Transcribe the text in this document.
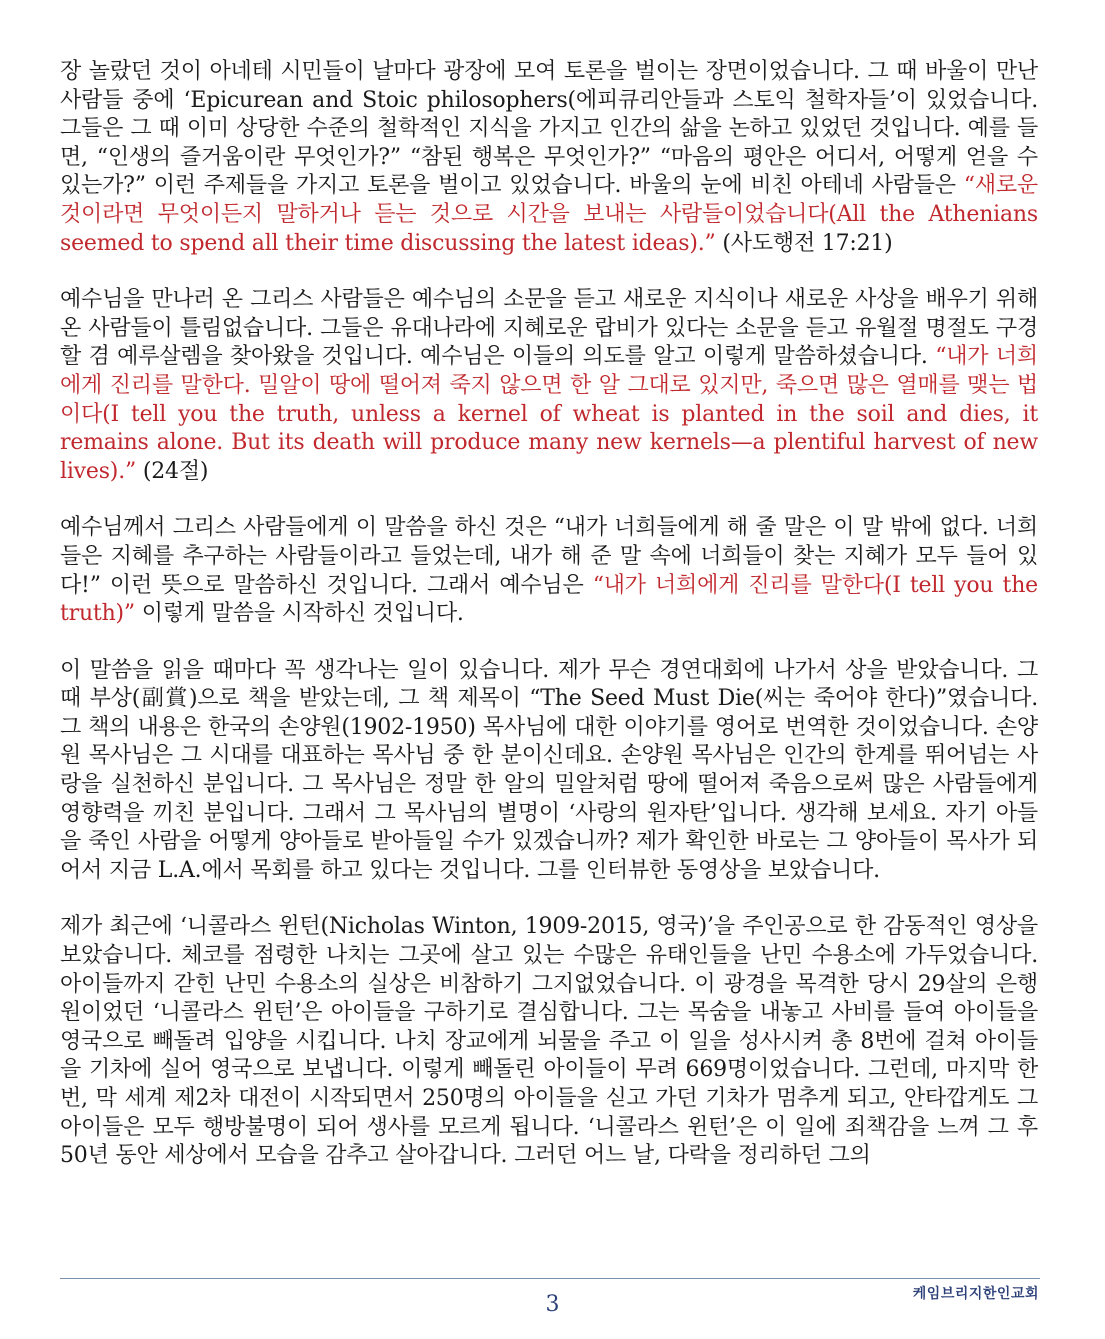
장 놀랐던 것이 아네테 시민들이 날마다 광장에 모여 토론을 벌이는 장면이었습니다. 그 때 바울이 만난 사람들 중에 ‘Epicurean and Stoic philosophers(에피큐리안들과 스토익 철학자들’이 있었습니다. 그들은 그 때 이미 상당한 수준의 철학적인 지식을 가지고 인간의 삶을 논하고 있었던 것입니다. 예를 들면, “인생의 즐거움이란 무엇인가?” “참된 행복은 무엇인가?” “마음의 평안은 어디서, 어떻게 얻을 수 있는가?” 이런 주제들을 가지고 토론을 벌이고 있었습니다. 바울의 눈에 비친 아테네 사람들은 “새로운 것이라면 무엇이든지 말하거나 듣는 것으로 시간을 보내는 사람들이었습니다(All the Athenians seemed to spend all their time discussing the latest ideas).” (사도행전 17:21)

예수님을 만나러 온 그리스 사람들은 예수님의 소문을 듣고 새로운 지식이나 새로운 사상을 배우기 위해 온 사람들이 틀림없습니다. 그들은 유대나라에 지혜로운 랍비가 있다는 소문을 듣고 유월절 명절도 구경할 겸 예루살렘을 찾아왔을 것입니다. 예수님은 이들의 의도를 알고 이렇게 말씀하셨습니다. “내가 너희에게 진리를 말한다. 밀알이 땅에 떨어져 죽지 않으면 한 알 그대로 있지만, 죽으면 많은 열매를 맺는 법이다(I tell you the truth, unless a kernel of wheat is planted in the soil and dies, it remains alone. But its death will produce many new kernels—a plentiful harvest of new lives).” (24절)

예수님께서 그리스 사람들에게 이 말씀을 하신 것은 “내가 너희들에게 해 줄 말은 이 말 밖에 없다. 너희들은 지혜를 추구하는 사람들이라고 들었는데, 내가 해 준 말 속에 너희들이 찾는 지혜가 모두 들어 있다!” 이런 뜻으로 말씀하신 것입니다. 그래서 예수님은 “내가 너희에게 진리를 말한다(I tell you the truth)” 이렇게 말씀을 시작하신 것입니다.

이 말씀을 읽을 때마다 꼭 생각나는 일이 있습니다. 제가 무슨 경연대회에 나가서 상을 받았습니다. 그 때 부상(副賞)으로 책을 받았는데, 그 책 제목이 “The Seed Must Die(씨는 죽어야 한다)”였습니다. 그 책의 내용은 한국의 손양원(1902-1950) 목사님에 대한 이야기를 영어로 번역한 것이었습니다. 손양원 목사님은 그 시대를 대표하는 목사님 중 한 분이신데요. 손양원 목사님은 인간의 한계를 뛰어넘는 사랑을 실천하신 분입니다. 그 목사님은 정말 한 알의 밀알처럼 땅에 떨어져 죽음으로써 많은 사람들에게 영향력을 끼친 분입니다. 그래서 그 목사님의 별명이 ‘사랑의 원자탄’입니다. 생각해 보세요. 자기 아들을 죽인 사람을 어떻게 양아들로 받아들일 수가 있겠습니까? 제가 확인한 바로는 그 양아들이 목사가 되어서 지금 L.A.에서 목회를 하고 있다는 것입니다. 그를 인터뷰한 동영상을 보았습니다.

제가 최근에 ‘니콜라스 윈턴(Nicholas Winton, 1909-2015, 영국)’을 주인공으로 한 감동적인 영상을 보았습니다. 체코를 점령한 나치는 그곳에 살고 있는 수많은 유태인들을 난민 수용소에 가두었습니다. 아이들까지 갇힌 난민 수용소의 실상은 비참하기 그지없었습니다. 이 광경을 목격한 당시 29살의 은행원이었던 ‘니콜라스 윈턴’은 아이들을 구하기로 결심합니다. 그는 목숨을 내놓고 사비를 들여 아이들을 영국으로 빼돌려 입양을 시킵니다. 나치 장교에게 뇌물을 주고 이 일을 성사시켜 총 8번에 걸쳐 아이들을 기차에 실어 영국으로 보냅니다. 이렇게 빼돌린 아이들이 무려 669명이었습니다. 그런데, 마지막 한번, 막 세계 제2차 대전이 시작되면서 250명의 아이들을 싣고 가던 기차가 멈추게 되고, 안타깝게도 그 아이들은 모두 행방불명이 되어 생사를 모르게 됩니다. ‘니콜라스 윈턴’은 이 일에 죄책감을 느껴 그 후 50년 동안 세상에서 모습을 감추고 살아갑니다. 그러던 어느 날, 다락을 정리하던 그의

케임브리지한인교회
3
